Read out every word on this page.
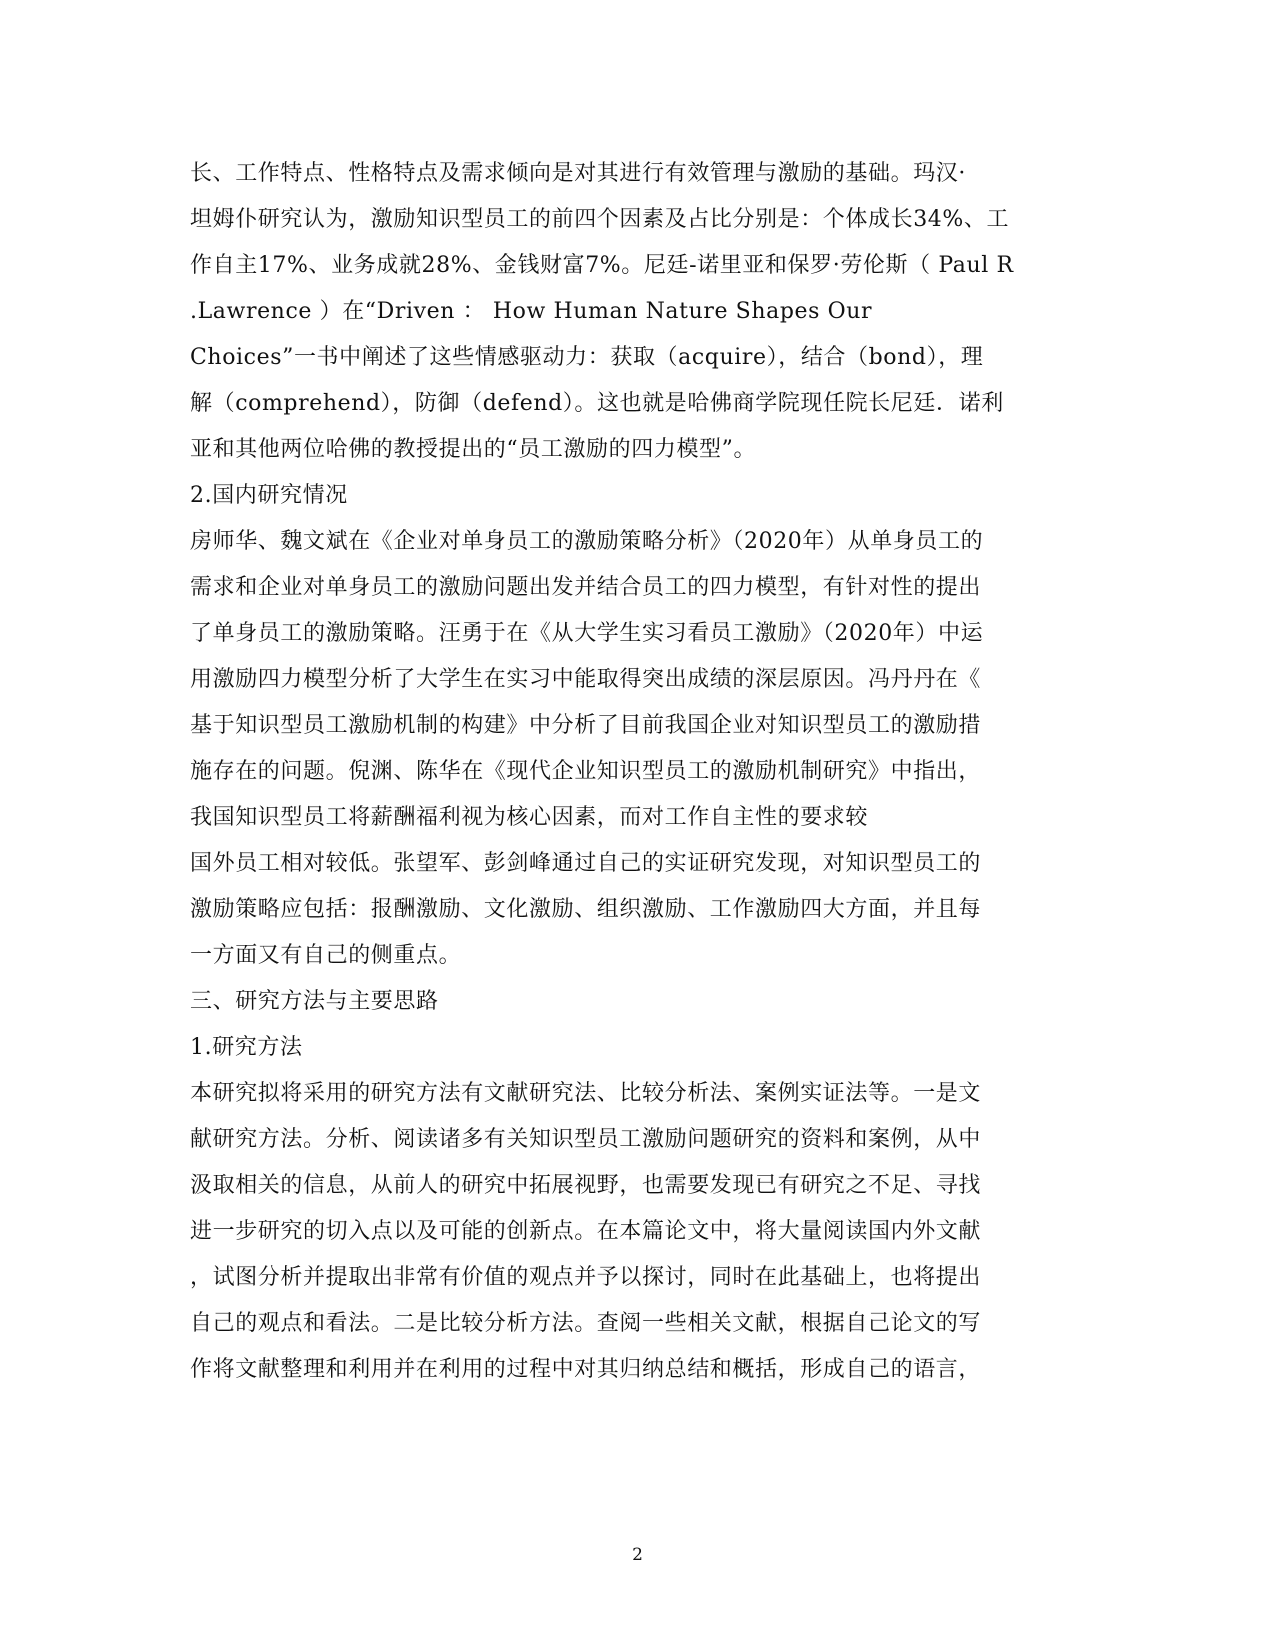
长、工作特点、性格特点及需求倾向是对其进行有效管理与激励的基础。玛汉·
坦姆仆研究认为，激励知识型员工的前四个因素及占比分别是：个体成长34%、工
作自主17%、业务成就28%、金钱财富7%。尼廷-诺里亚和保罗·劳伦斯（ Paul R
.Lawrence ）在“Driven ： How Human Nature Shapes Our
Choices”一书中阐述了这些情感驱动力：获取（acquire），结合（bond），理
解（comprehend），防御（defend）。这也就是哈佛商学院现任院长尼廷．诺利
亚和其他两位哈佛的教授提出的“员工激励的四力模型”。
2.国内研究情况
房师华、魏文斌在《企业对单身员工的激励策略分析》（2020年）从单身员工的
需求和企业对单身员工的激励问题出发并结合员工的四力模型，有针对性的提出
了单身员工的激励策略。汪勇于在《从大学生实习看员工激励》（2020年）中运
用激励四力模型分析了大学生在实习中能取得突出成绩的深层原因。冯丹丹在《
基于知识型员工激励机制的构建》中分析了目前我国企业对知识型员工的激励措
施存在的问题。倪渊、陈华在《现代企业知识型员工的激励机制研究》中指出，
我国知识型员工将薪酬福利视为核心因素，而对工作自主性的要求较
国外员工相对较低。张望军、彭剑峰通过自己的实证研究发现，对知识型员工的
激励策略应包括：报酬激励、文化激励、组织激励、工作激励四大方面，并且每
一方面又有自己的侧重点。
三、研究方法与主要思路
1.研究方法
本研究拟将采用的研究方法有文献研究法、比较分析法、案例实证法等。一是文
献研究方法。分析、阅读诸多有关知识型员工激励问题研究的资料和案例，从中
汲取相关的信息，从前人的研究中拓展视野，也需要发现已有研究之不足、寻找
进一步研究的切入点以及可能的创新点。在本篇论文中，将大量阅读国内外文献
，试图分析并提取出非常有价值的观点并予以探讨，同时在此基础上，也将提出
自己的观点和看法。二是比较分析方法。查阅一些相关文献，根据自己论文的写
作将文献整理和利用并在利用的过程中对其归纳总结和概括，形成自己的语言，
2
